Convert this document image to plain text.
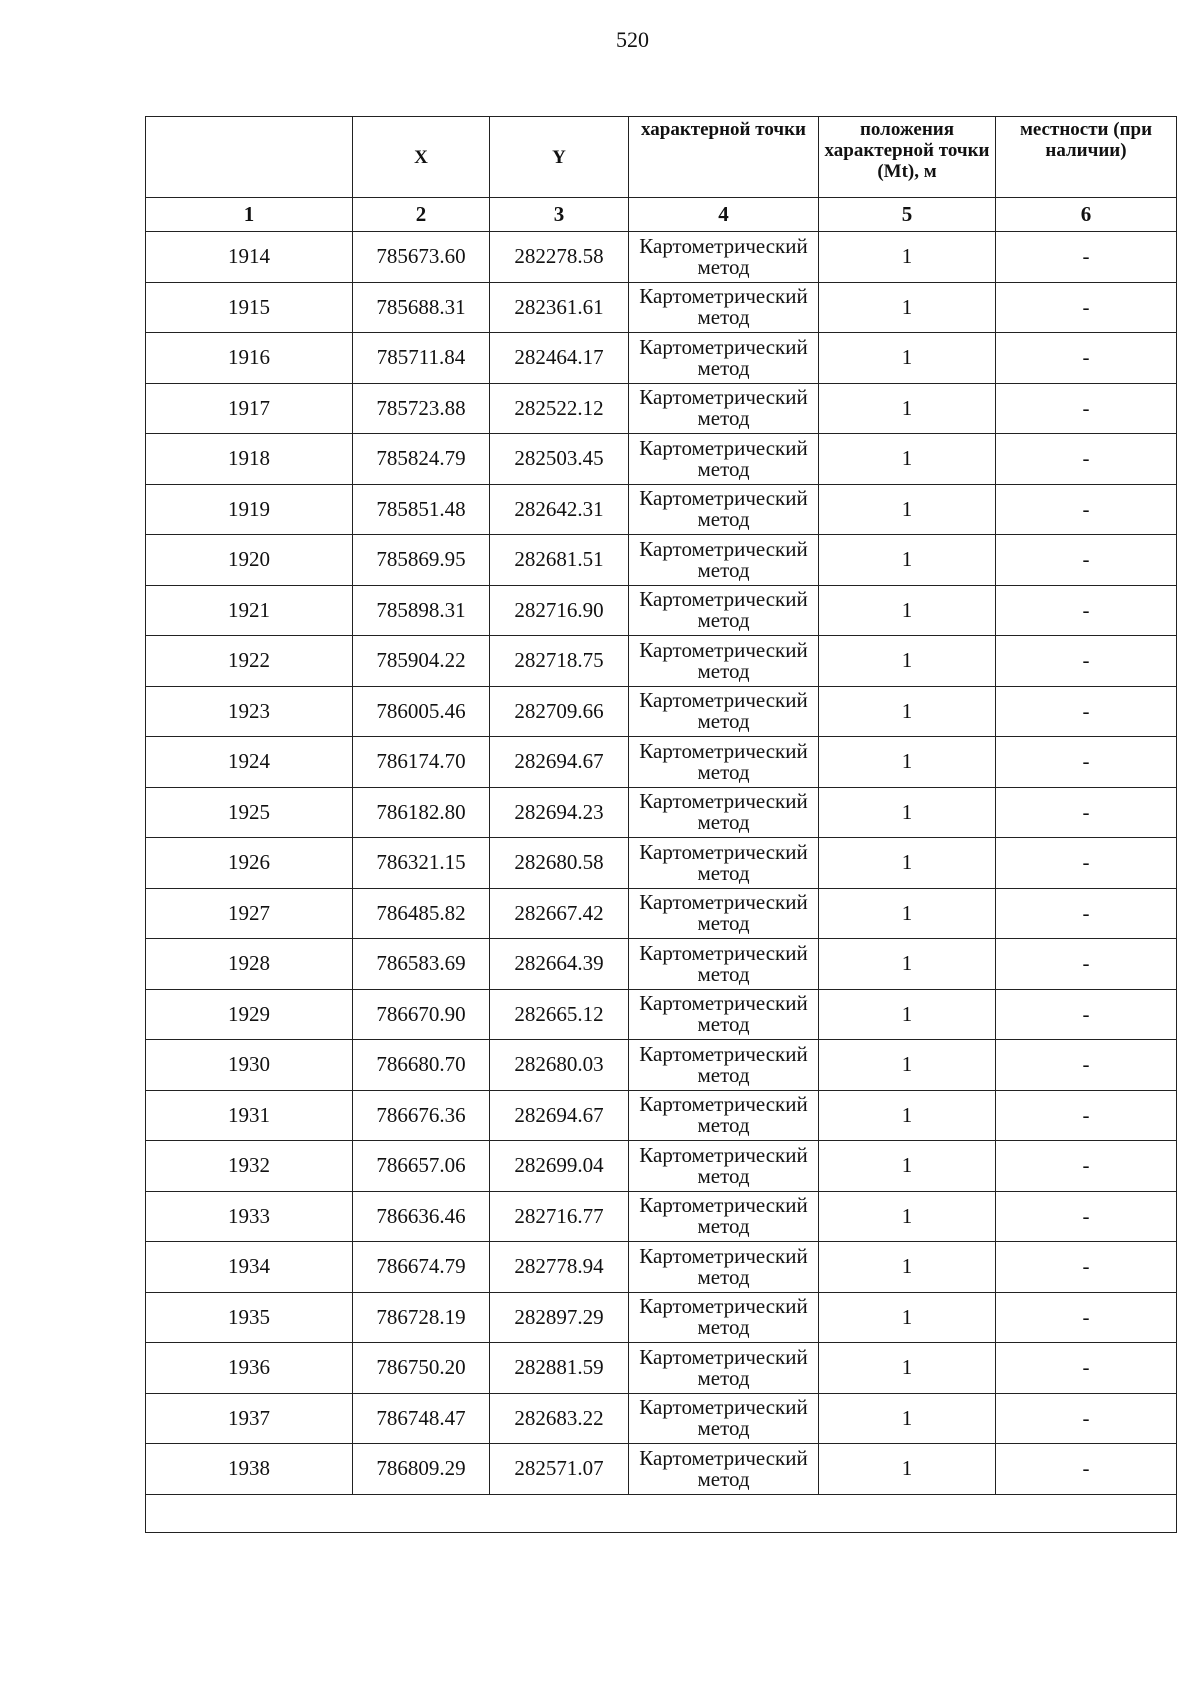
520
	X	Y	характерной точки	положения характерной точки (Mt), м	местности (при наличии)
1	2	3	4	5	6
1914	785673.60	282278.58	Картометрический метод	1	-
1915	785688.31	282361.61	Картометрический метод	1	-
1916	785711.84	282464.17	Картометрический метод	1	-
1917	785723.88	282522.12	Картометрический метод	1	-
1918	785824.79	282503.45	Картометрический метод	1	-
1919	785851.48	282642.31	Картометрический метод	1	-
1920	785869.95	282681.51	Картометрический метод	1	-
1921	785898.31	282716.90	Картометрический метод	1	-
1922	785904.22	282718.75	Картометрический метод	1	-
1923	786005.46	282709.66	Картометрический метод	1	-
1924	786174.70	282694.67	Картометрический метод	1	-
1925	786182.80	282694.23	Картометрический метод	1	-
1926	786321.15	282680.58	Картометрический метод	1	-
1927	786485.82	282667.42	Картометрический метод	1	-
1928	786583.69	282664.39	Картометрический метод	1	-
1929	786670.90	282665.12	Картометрический метод	1	-
1930	786680.70	282680.03	Картометрический метод	1	-
1931	786676.36	282694.67	Картометрический метод	1	-
1932	786657.06	282699.04	Картометрический метод	1	-
1933	786636.46	282716.77	Картометрический метод	1	-
1934	786674.79	282778.94	Картометрический метод	1	-
1935	786728.19	282897.29	Картометрический метод	1	-
1936	786750.20	282881.59	Картометрический метод	1	-
1937	786748.47	282683.22	Картометрический метод	1	-
1938	786809.29	282571.07	Картометрический метод	1	-
